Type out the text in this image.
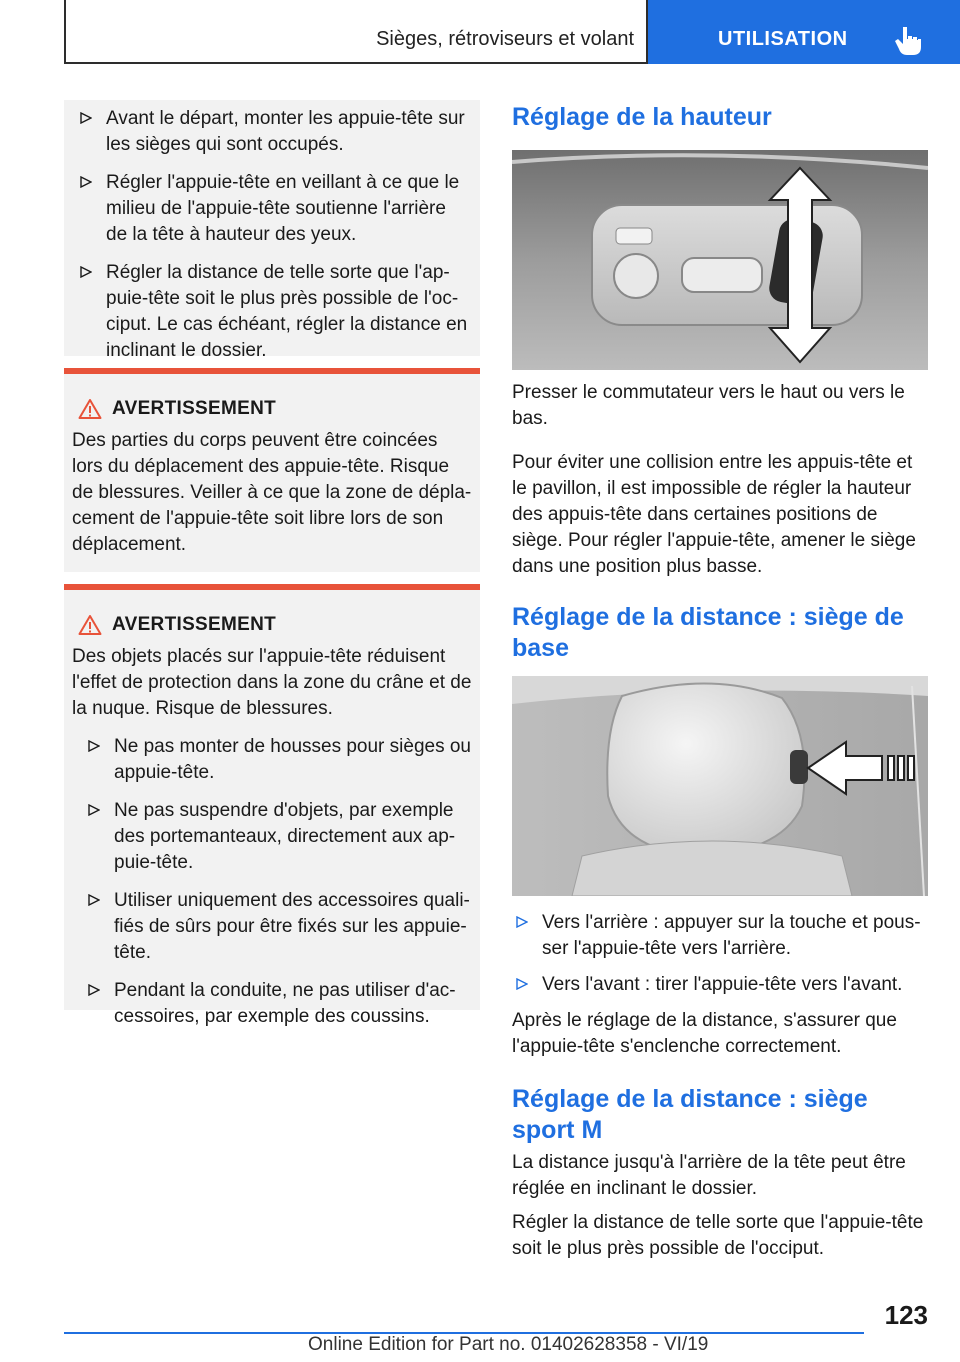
Sièges, rétroviseurs et volant	UTILISATION
Avant le départ, monter les appuie-tête sur les sièges qui sont occupés.
Régler l'appuie-tête en veillant à ce que le milieu de l'appuie-tête soutienne l'arrière de la tête à hauteur des yeux.
Régler la distance de telle sorte que l'ap-puie-tête soit le plus près possible de l'oc-ciput. Le cas échéant, régler la distance en inclinant le dossier.
AVERTISSEMENT
Des parties du corps peuvent être coincées lors du déplacement des appuie-tête. Risque de blessures. Veiller à ce que la zone de dépla-cement de l'appuie-tête soit libre lors de son déplacement.
AVERTISSEMENT
Des objets placés sur l'appuie-tête réduisent l'effet de protection dans la zone du crâne et de la nuque. Risque de blessures.
Ne pas monter de housses pour sièges ou appuie-tête.
Ne pas suspendre d'objets, par exemple des portemanteaux, directement aux ap-puie-tête.
Utiliser uniquement des accessoires quali-fiés de sûrs pour être fixés sur les appuie-tête.
Pendant la conduite, ne pas utiliser d'ac-cessoires, par exemple des coussins.
Réglage de la hauteur

Presser le commutateur vers le haut ou vers le bas.

Pour éviter une collision entre les appuis-tête et le pavillon, il est impossible de régler la hauteur des appuis-tête dans certaines positions de siège. Pour régler l'appuie-tête, amener le siège dans une position plus basse.

Réglage de la distance : siège de base
Vers l'arrière : appuyer sur la touche et pous-ser l'appuie-tête vers l'arrière.
Vers l'avant : tirer l'appuie-tête vers l'avant.

Après le réglage de la distance, s'assurer que l'appuie-tête s'enclenche correctement.

Réglage de la distance : siège sport M

La distance jusqu'à l'arrière de la tête peut être réglée en inclinant le dossier.

Régler la distance de telle sorte que l'appuie-tête soit le plus près possible de l'occiput.

123
Online Edition for Part no. 01402628358 - VI/19
